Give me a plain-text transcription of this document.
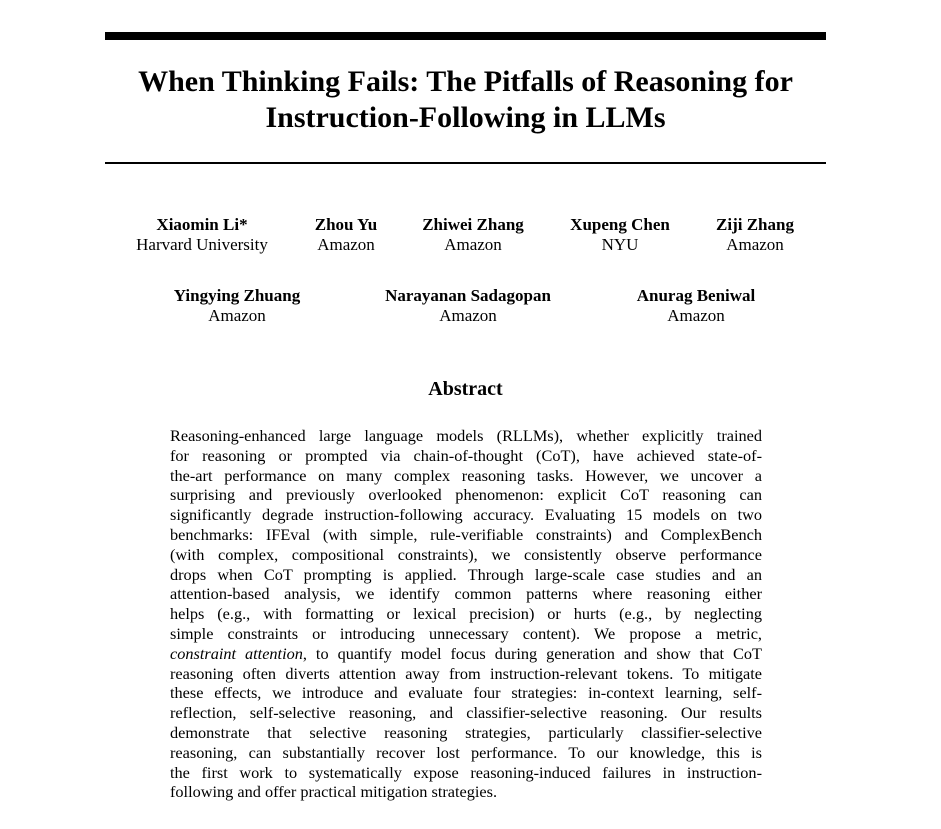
When Thinking Fails: The Pitfalls of Reasoning for
Instruction-Following in LLMs
Xiaomin Li*
Harvard University
Zhou Yu
Amazon
Zhiwei Zhang
Amazon
Xupeng Chen
NYU
Ziji Zhang
Amazon
Yingying Zhuang
Amazon
Narayanan Sadagopan
Amazon
Anurag Beniwal
Amazon
Abstract
Reasoning-enhanced large language models (RLLMs), whether explicitly trained
for reasoning or prompted via chain-of-thought (CoT), have achieved state-of-
the-art performance on many complex reasoning tasks. However, we uncover a
surprising and previously overlooked phenomenon: explicit CoT reasoning can
significantly degrade instruction-following accuracy. Evaluating 15 models on two
benchmarks: IFEval (with simple, rule-verifiable constraints) and ComplexBench
(with complex, compositional constraints), we consistently observe performance
drops when CoT prompting is applied. Through large-scale case studies and an
attention-based analysis, we identify common patterns where reasoning either
helps (e.g., with formatting or lexical precision) or hurts (e.g., by neglecting
simple constraints or introducing unnecessary content). We propose a metric,
constraint attention, to quantify model focus during generation and show that CoT
reasoning often diverts attention away from instruction-relevant tokens. To mitigate
these effects, we introduce and evaluate four strategies: in-context learning, self-
reflection, self-selective reasoning, and classifier-selective reasoning. Our results
demonstrate that selective reasoning strategies, particularly classifier-selective
reasoning, can substantially recover lost performance. To our knowledge, this is
the first work to systematically expose reasoning-induced failures in instruction-
following and offer practical mitigation strategies.
